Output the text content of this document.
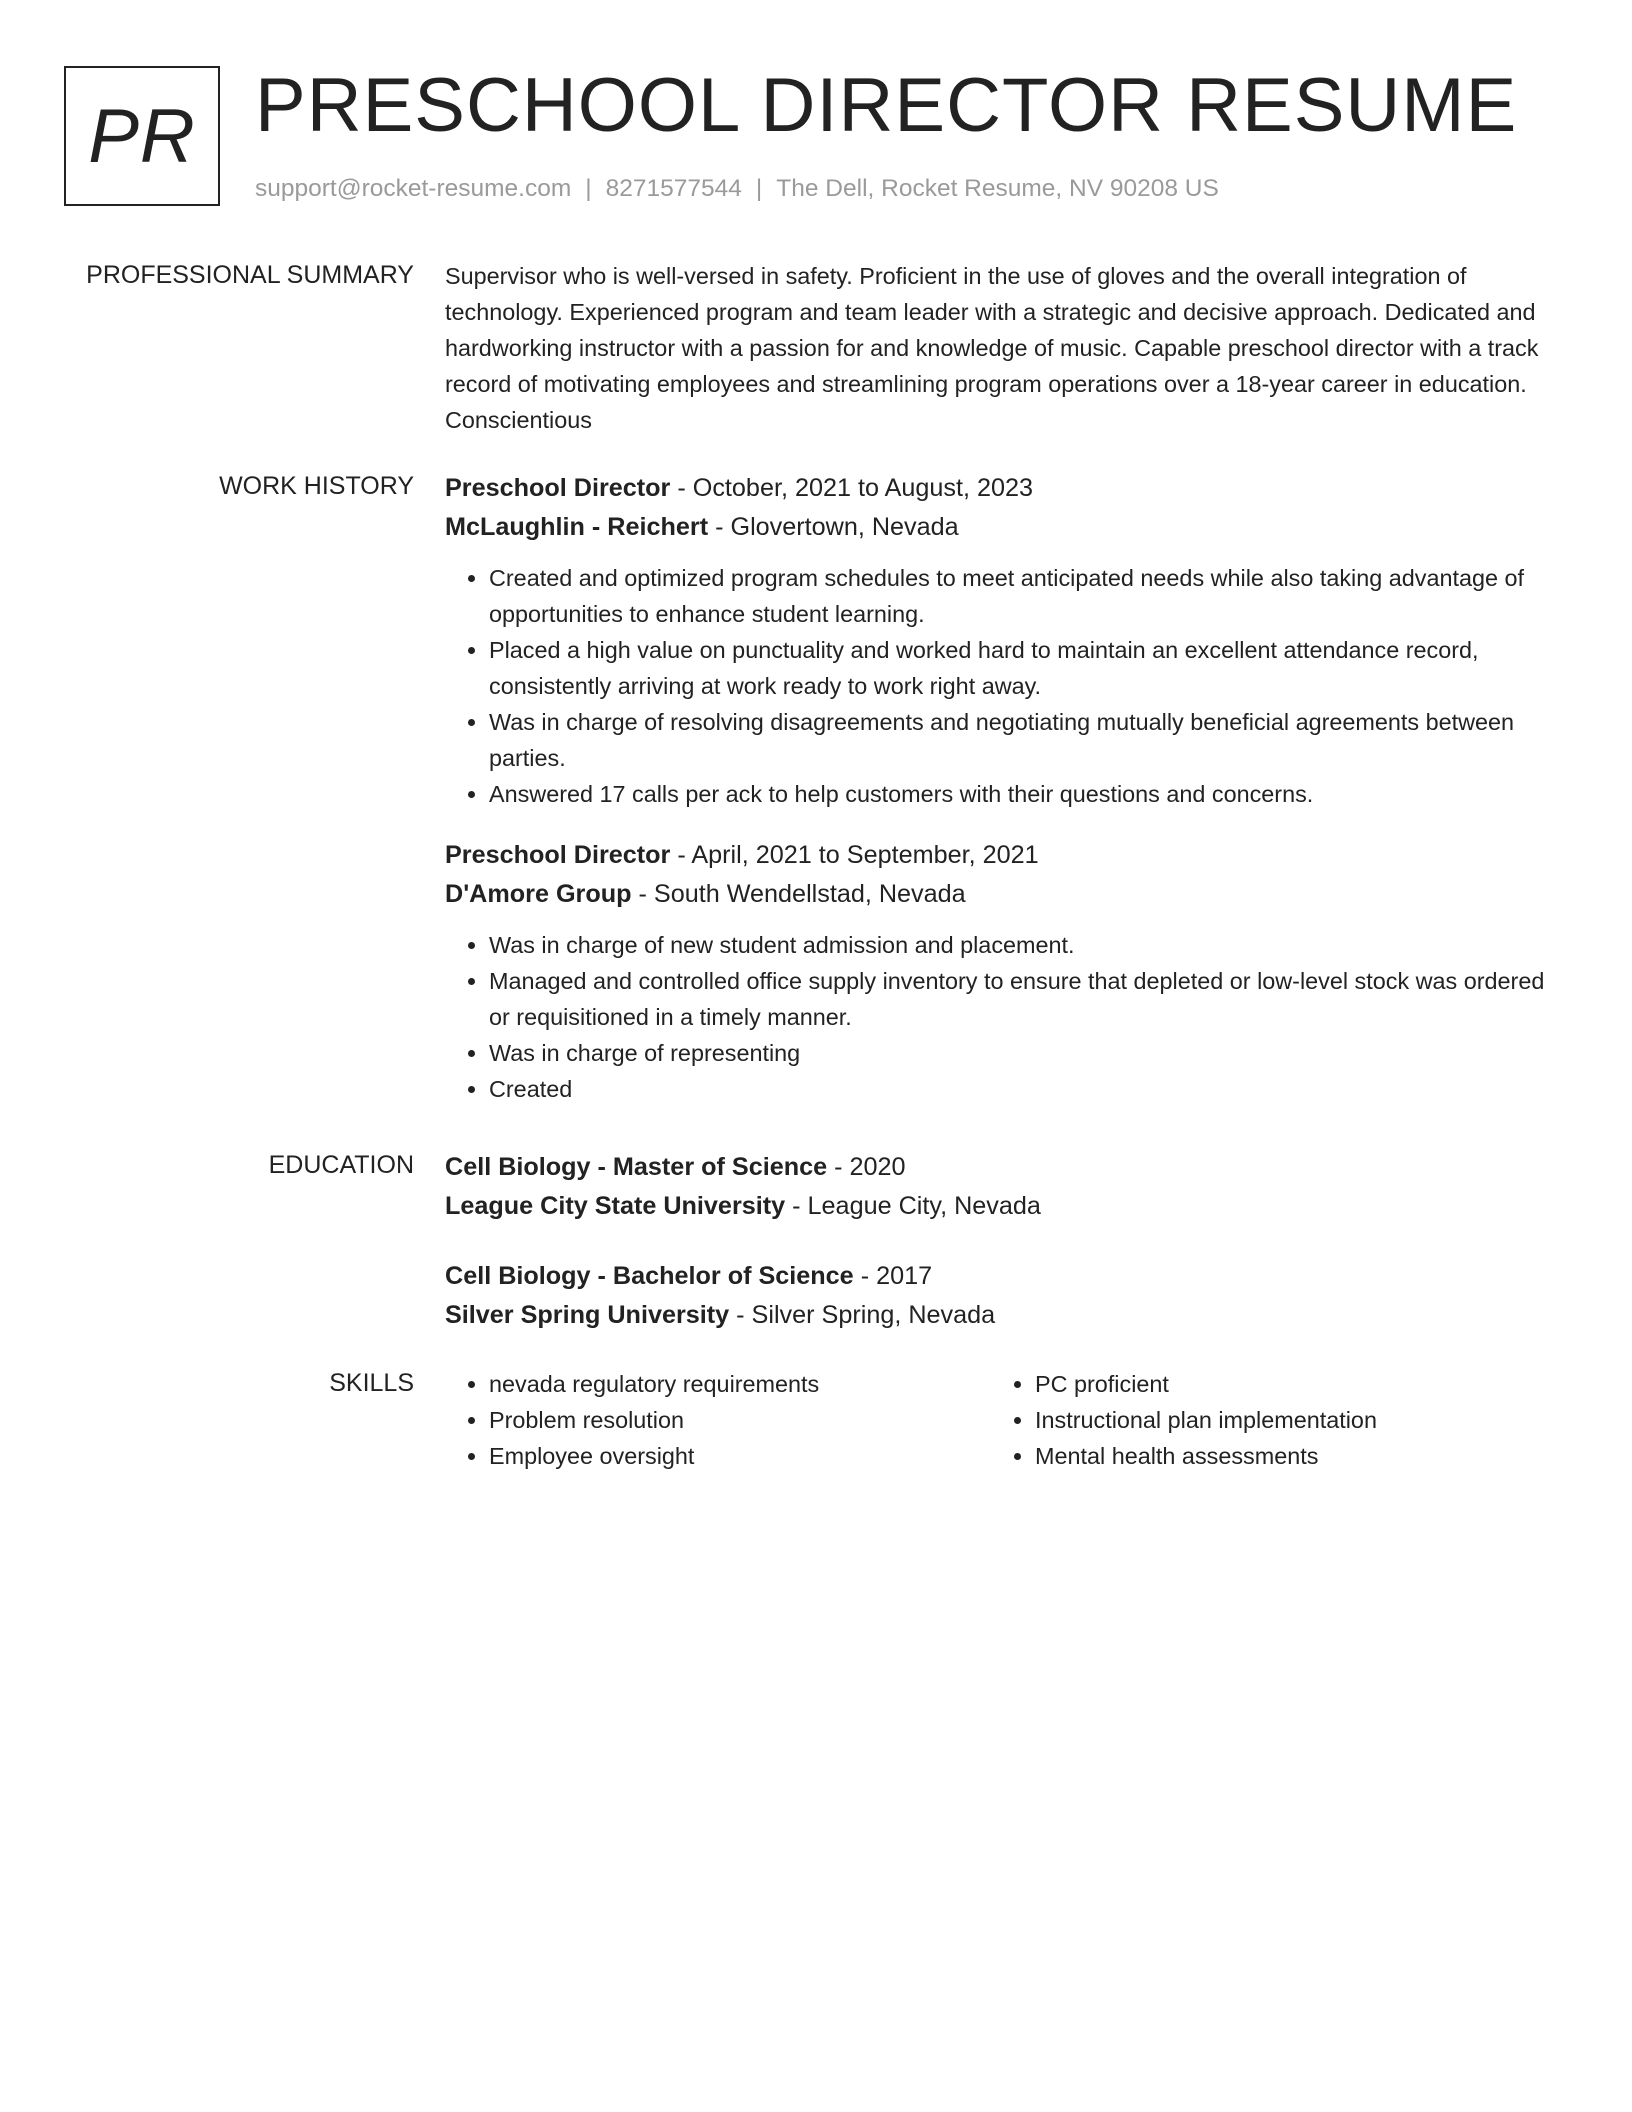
PR PRESCHOOL DIRECTOR RESUME
support@rocket-resume.com | 8271577544 | The Dell, Rocket Resume, NV 90208 US
PROFESSIONAL SUMMARY Supervisor who is well-versed in safety. Proficient in the use of gloves and the overall integration of technology. Experienced program and team leader with a strategic and decisive approach. Dedicated and hardworking instructor with a passion for and knowledge of music. Capable preschool director with a track record of motivating employees and streamlining program operations over a 18-year career in education. Conscientious

WORK HISTORY Preschool Director - October, 2021 to August, 2023
McLaughlin - Reichert - Glovertown, Nevada
• Created and optimized program schedules to meet anticipated needs while also taking advantage of opportunities to enhance student learning.
• Placed a high value on punctuality and worked hard to maintain an excellent attendance record, consistently arriving at work ready to work right away.
• Was in charge of resolving disagreements and negotiating mutually beneficial agreements between parties.
• Answered 17 calls per ack to help customers with their questions and concerns.
Preschool Director - April, 2021 to September, 2021
D'Amore Group - South Wendellstad, Nevada
• Was in charge of new student admission and placement.
• Managed and controlled office supply inventory to ensure that depleted or low-level stock was ordered or requisitioned in a timely manner.
• Was in charge of representing
• Created
EDUCATION Cell Biology - Master of Science - 2020
League City State University - League City, Nevada
Cell Biology - Bachelor of Science - 2017
Silver Spring University - Silver Spring, Nevada
SKILLS
•	nevada regulatory requirements
• Problem resolution
• Employee oversight
• PC proficient
• Instructional plan implementation
• Mental health assessments
